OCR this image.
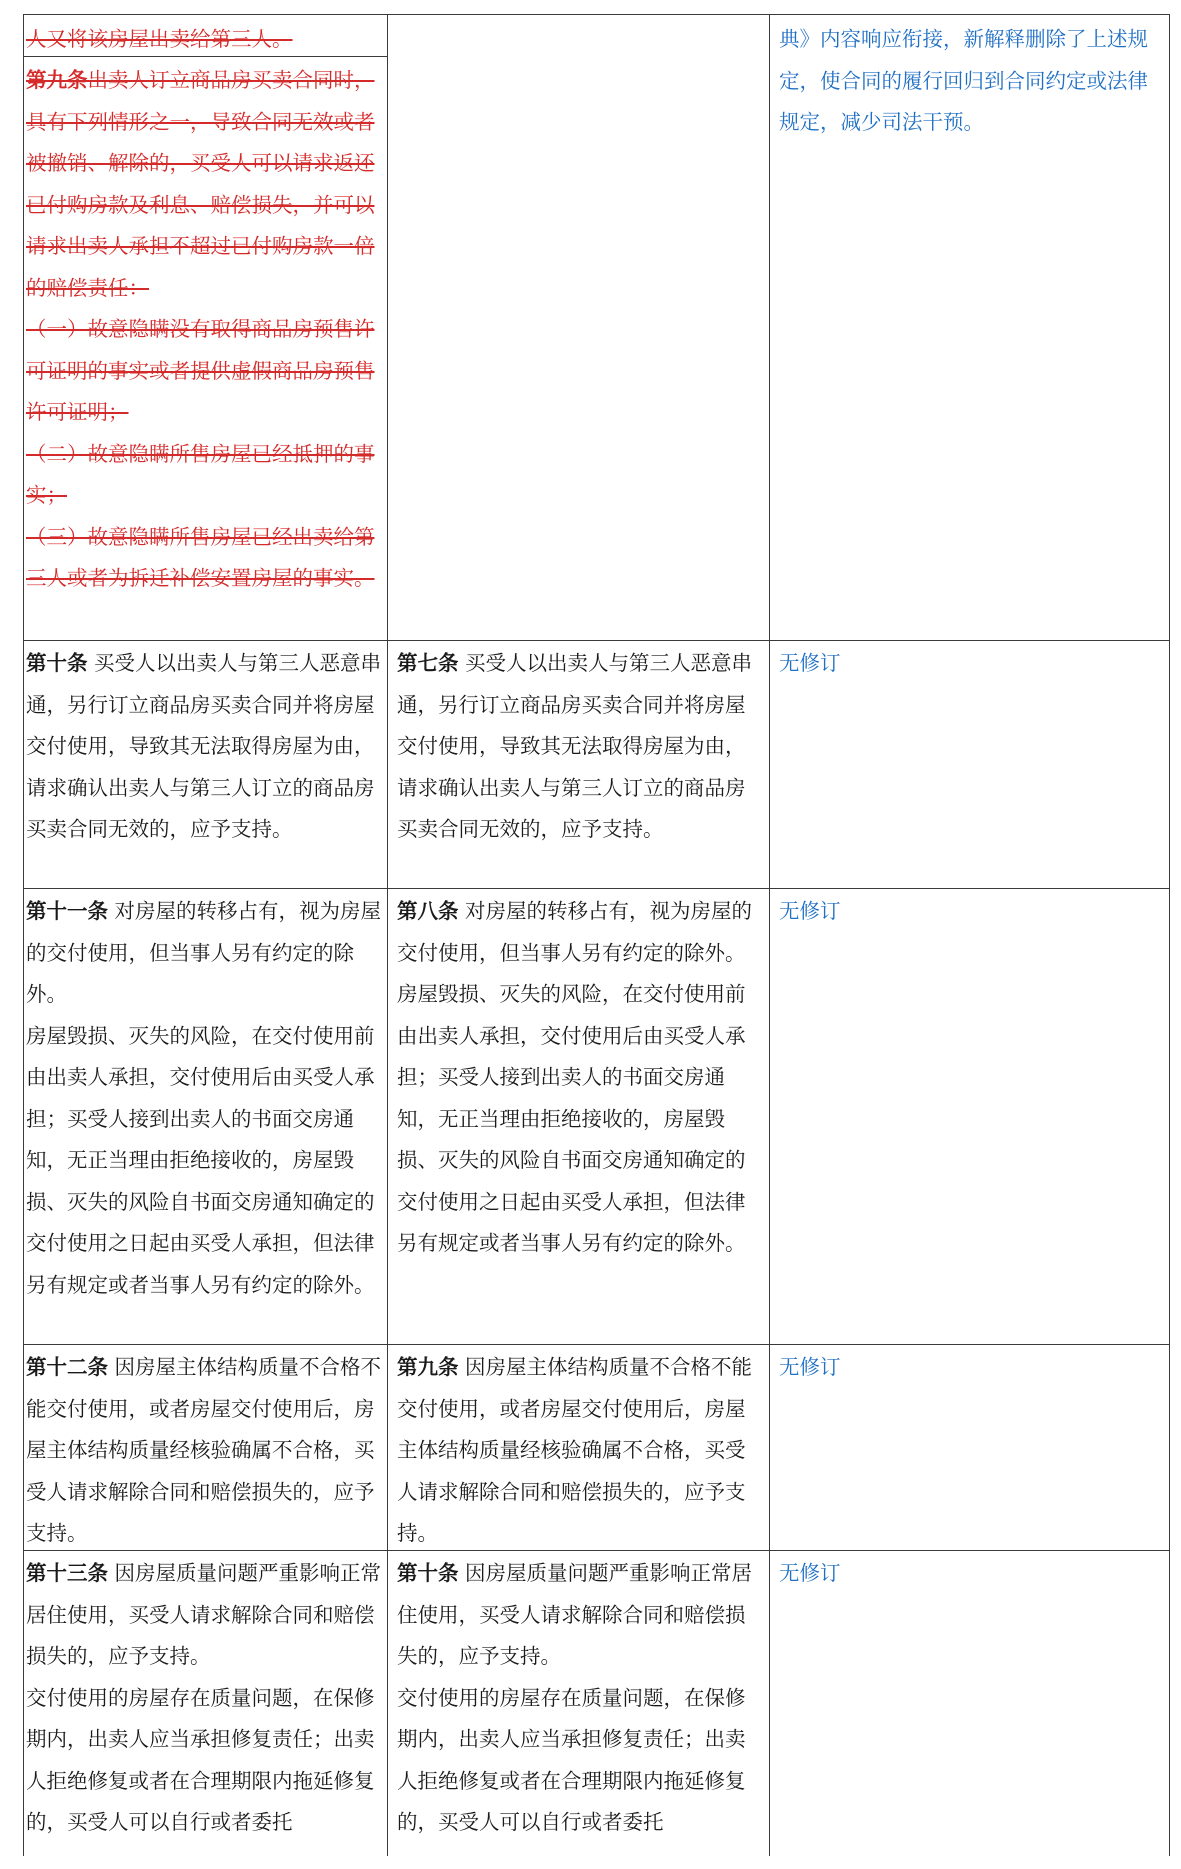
人又将该房屋出卖给第三人。	典》内容响应衔接，新解释删除了上述规定，使合同的履行回归到合同约定或法律规定，减少司法干预。

第九条出卖人订立商品房买卖合同时，具有下列情形之一，导致合同无效或者被撤销、解除的，买受人可以请求返还已付购房款及利息、赔偿损失，并可以请求出卖人承担不超过已付购房款一倍的赔偿责任：

（一）故意隐瞒没有取得商品房预售许可证明的事实或者提供虚假商品房预售许可证明；

（二）故意隐瞒所售房屋已经抵押的事实；

（三）故意隐瞒所售房屋已经出卖给第三人或者为拆迁补偿安置房屋的事实。

第十条 买受人以出卖人与第三人恶意串通，另行订立商品房买卖合同并将房屋交付使用，导致其无法取得房屋为由，请求确认出卖人与第三人订立的商品房买卖合同无效的，应予支持。

第七条 买受人以出卖人与第三人恶意串通，另行订立商品房买卖合同并将房屋交付使用，导致其无法取得房屋为由，请求确认出卖人与第三人订立的商品房买卖合同无效的，应予支持。

无修订

第十一条 对房屋的转移占有，视为房屋的交付使用，但当事人另有约定的除外。

房屋毁损、灭失的风险，在交付使用前由出卖人承担，交付使用后由买受人承担；买受人接到出卖人的书面交房通知，无正当理由拒绝接收的，房屋毁损、灭失的风险自书面交房通知确定的交付使用之日起由买受人承担，但法律另有规定或者当事人另有约定的除外。

第八条 对房屋的转移占有，视为房屋的交付使用，但当事人另有约定的除外。

房屋毁损、灭失的风险，在交付使用前由出卖人承担，交付使用后由买受人承担；买受人接到出卖人的书面交房通知，无正当理由拒绝接收的，房屋毁损、灭失的风险自书面交房通知确定的交付使用之日起由买受人承担，但法律另有规定或者当事人另有约定的除外。

无修订

第十二条 因房屋主体结构质量不合格不能交付使用，或者房屋交付使用后，房屋主体结构质量经核验确属不合格，买受人请求解除合同和赔偿损失的，应予支持。

第九条 因房屋主体结构质量不合格不能交付使用，或者房屋交付使用后，房屋主体结构质量经核验确属不合格，买受人请求解除合同和赔偿损失的，应予支持。

无修订

第十三条 因房屋质量问题严重影响正常居住使用，买受人请求解除合同和赔偿损失的，应予支持。

交付使用的房屋存在质量问题，在保修期内，出卖人应当承担修复责任；出卖人拒绝修复或者在合理期限内拖延修复的，买受人可以自行或者委托

第十条 因房屋质量问题严重影响正常居住使用，买受人请求解除合同和赔偿损失的，应予支持。

交付使用的房屋存在质量问题，在保修期内，出卖人应当承担修复责任；出卖人拒绝修复或者在合理期限内拖延修复的，买受人可以自行或者委托

无修订
